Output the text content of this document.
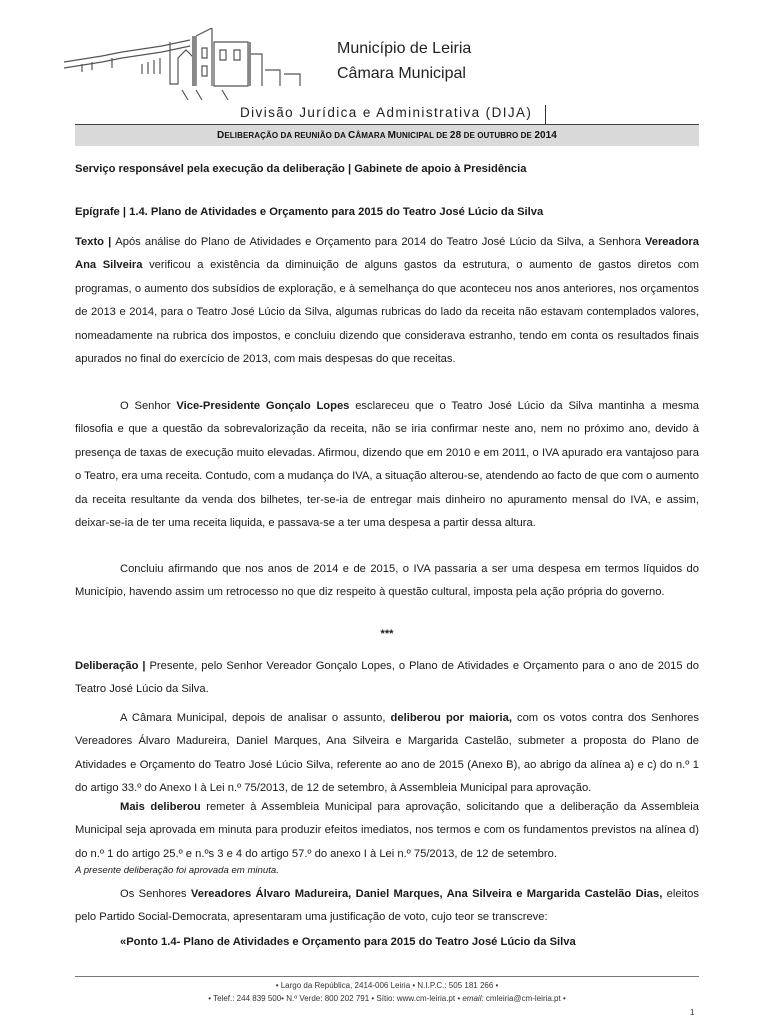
Município de Leiria
Câmara Municipal
Divisão Jurídica e Administrativa (DIJA)
DELIBERAÇÃO DA REUNIÃO DA CÂMARA MUNICIPAL DE 28 DE OUTUBRO DE 2014
Serviço responsável pela execução da deliberação | Gabinete de apoio à Presidência
Epígrafe | 1.4. Plano de Atividades e Orçamento para 2015 do Teatro José Lúcio da Silva
Texto | Após análise do Plano de Atividades e Orçamento para 2014 do Teatro José Lúcio da Silva, a Senhora Vereadora Ana Silveira verificou a existência da diminuição de alguns gastos da estrutura, o aumento de gastos diretos com programas, o aumento dos subsídios de exploração, e à semelhança do que aconteceu nos anos anteriores, nos orçamentos de 2013 e 2014, para o Teatro José Lúcio da Silva, algumas rubricas do lado da receita não estavam contemplados valores, nomeadamente na rubrica dos impostos, e concluiu dizendo que considerava estranho, tendo em conta os resultados finais apurados no final do exercício de 2013, com mais despesas do que receitas.
O Senhor Vice-Presidente Gonçalo Lopes esclareceu que o Teatro José Lúcio da Silva mantinha a mesma filosofia e que a questão da sobrevalorização da receita, não se iria confirmar neste ano, nem no próximo ano, devido à presença de taxas de execução muito elevadas. Afirmou, dizendo que em 2010 e em 2011, o IVA apurado era vantajoso para o Teatro, era uma receita. Contudo, com a mudança do IVA, a situação alterou-se, atendendo ao facto de que com o aumento da receita resultante da venda dos bilhetes, ter-se-ia de entregar mais dinheiro no apuramento mensal do IVA, e assim, deixar-se-ia de ter uma receita liquida, e passava-se a ter uma despesa a partir dessa altura.
Concluiu afirmando que nos anos de 2014 e de 2015, o IVA passaria a ser uma despesa em termos líquidos do Município, havendo assim um retrocesso no que diz respeito à questão cultural, imposta pela ação própria do governo.
***
Deliberação | Presente, pelo Senhor Vereador Gonçalo Lopes, o Plano de Atividades e Orçamento para o ano de 2015 do Teatro José Lúcio da Silva.
A Câmara Municipal, depois de analisar o assunto, deliberou por maioria, com os votos contra dos Senhores Vereadores Álvaro Madureira, Daniel Marques, Ana Silveira e Margarida Castelão, submeter a proposta do Plano de Atividades e Orçamento do Teatro José Lúcio Silva, referente ao ano de 2015 (Anexo B), ao abrigo da alínea a) e c) do n.º 1 do artigo 33.º do Anexo I à Lei n.º 75/2013, de 12 de setembro, à Assembleia Municipal para aprovação.
Mais deliberou remeter à Assembleia Municipal para aprovação, solicitando que a deliberação da Assembleia Municipal seja aprovada em minuta para produzir efeitos imediatos, nos termos e com os fundamentos previstos na alínea d) do n.º 1 do artigo 25.º e n.ºs 3 e 4 do artigo 57.º do anexo I à Lei n.º 75/2013, de 12 de setembro.
A presente deliberação foi aprovada em minuta.
Os Senhores Vereadores Álvaro Madureira, Daniel Marques, Ana Silveira e Margarida Castelão Dias, eleitos pelo Partido Social-Democrata, apresentaram uma justificação de voto, cujo teor se transcreve:
«Ponto 1.4- Plano de Atividades e Orçamento para 2015 do Teatro José Lúcio da Silva
• Largo da República, 2414-006 Leiria • N.I.P.C.: 505 181 266 •
• Telef.: 244 839 500• N.º Verde: 800 202 791 • Sítio: www.cm-leiria.pt • email: cmleiria@cm-leiria.pt •
1
